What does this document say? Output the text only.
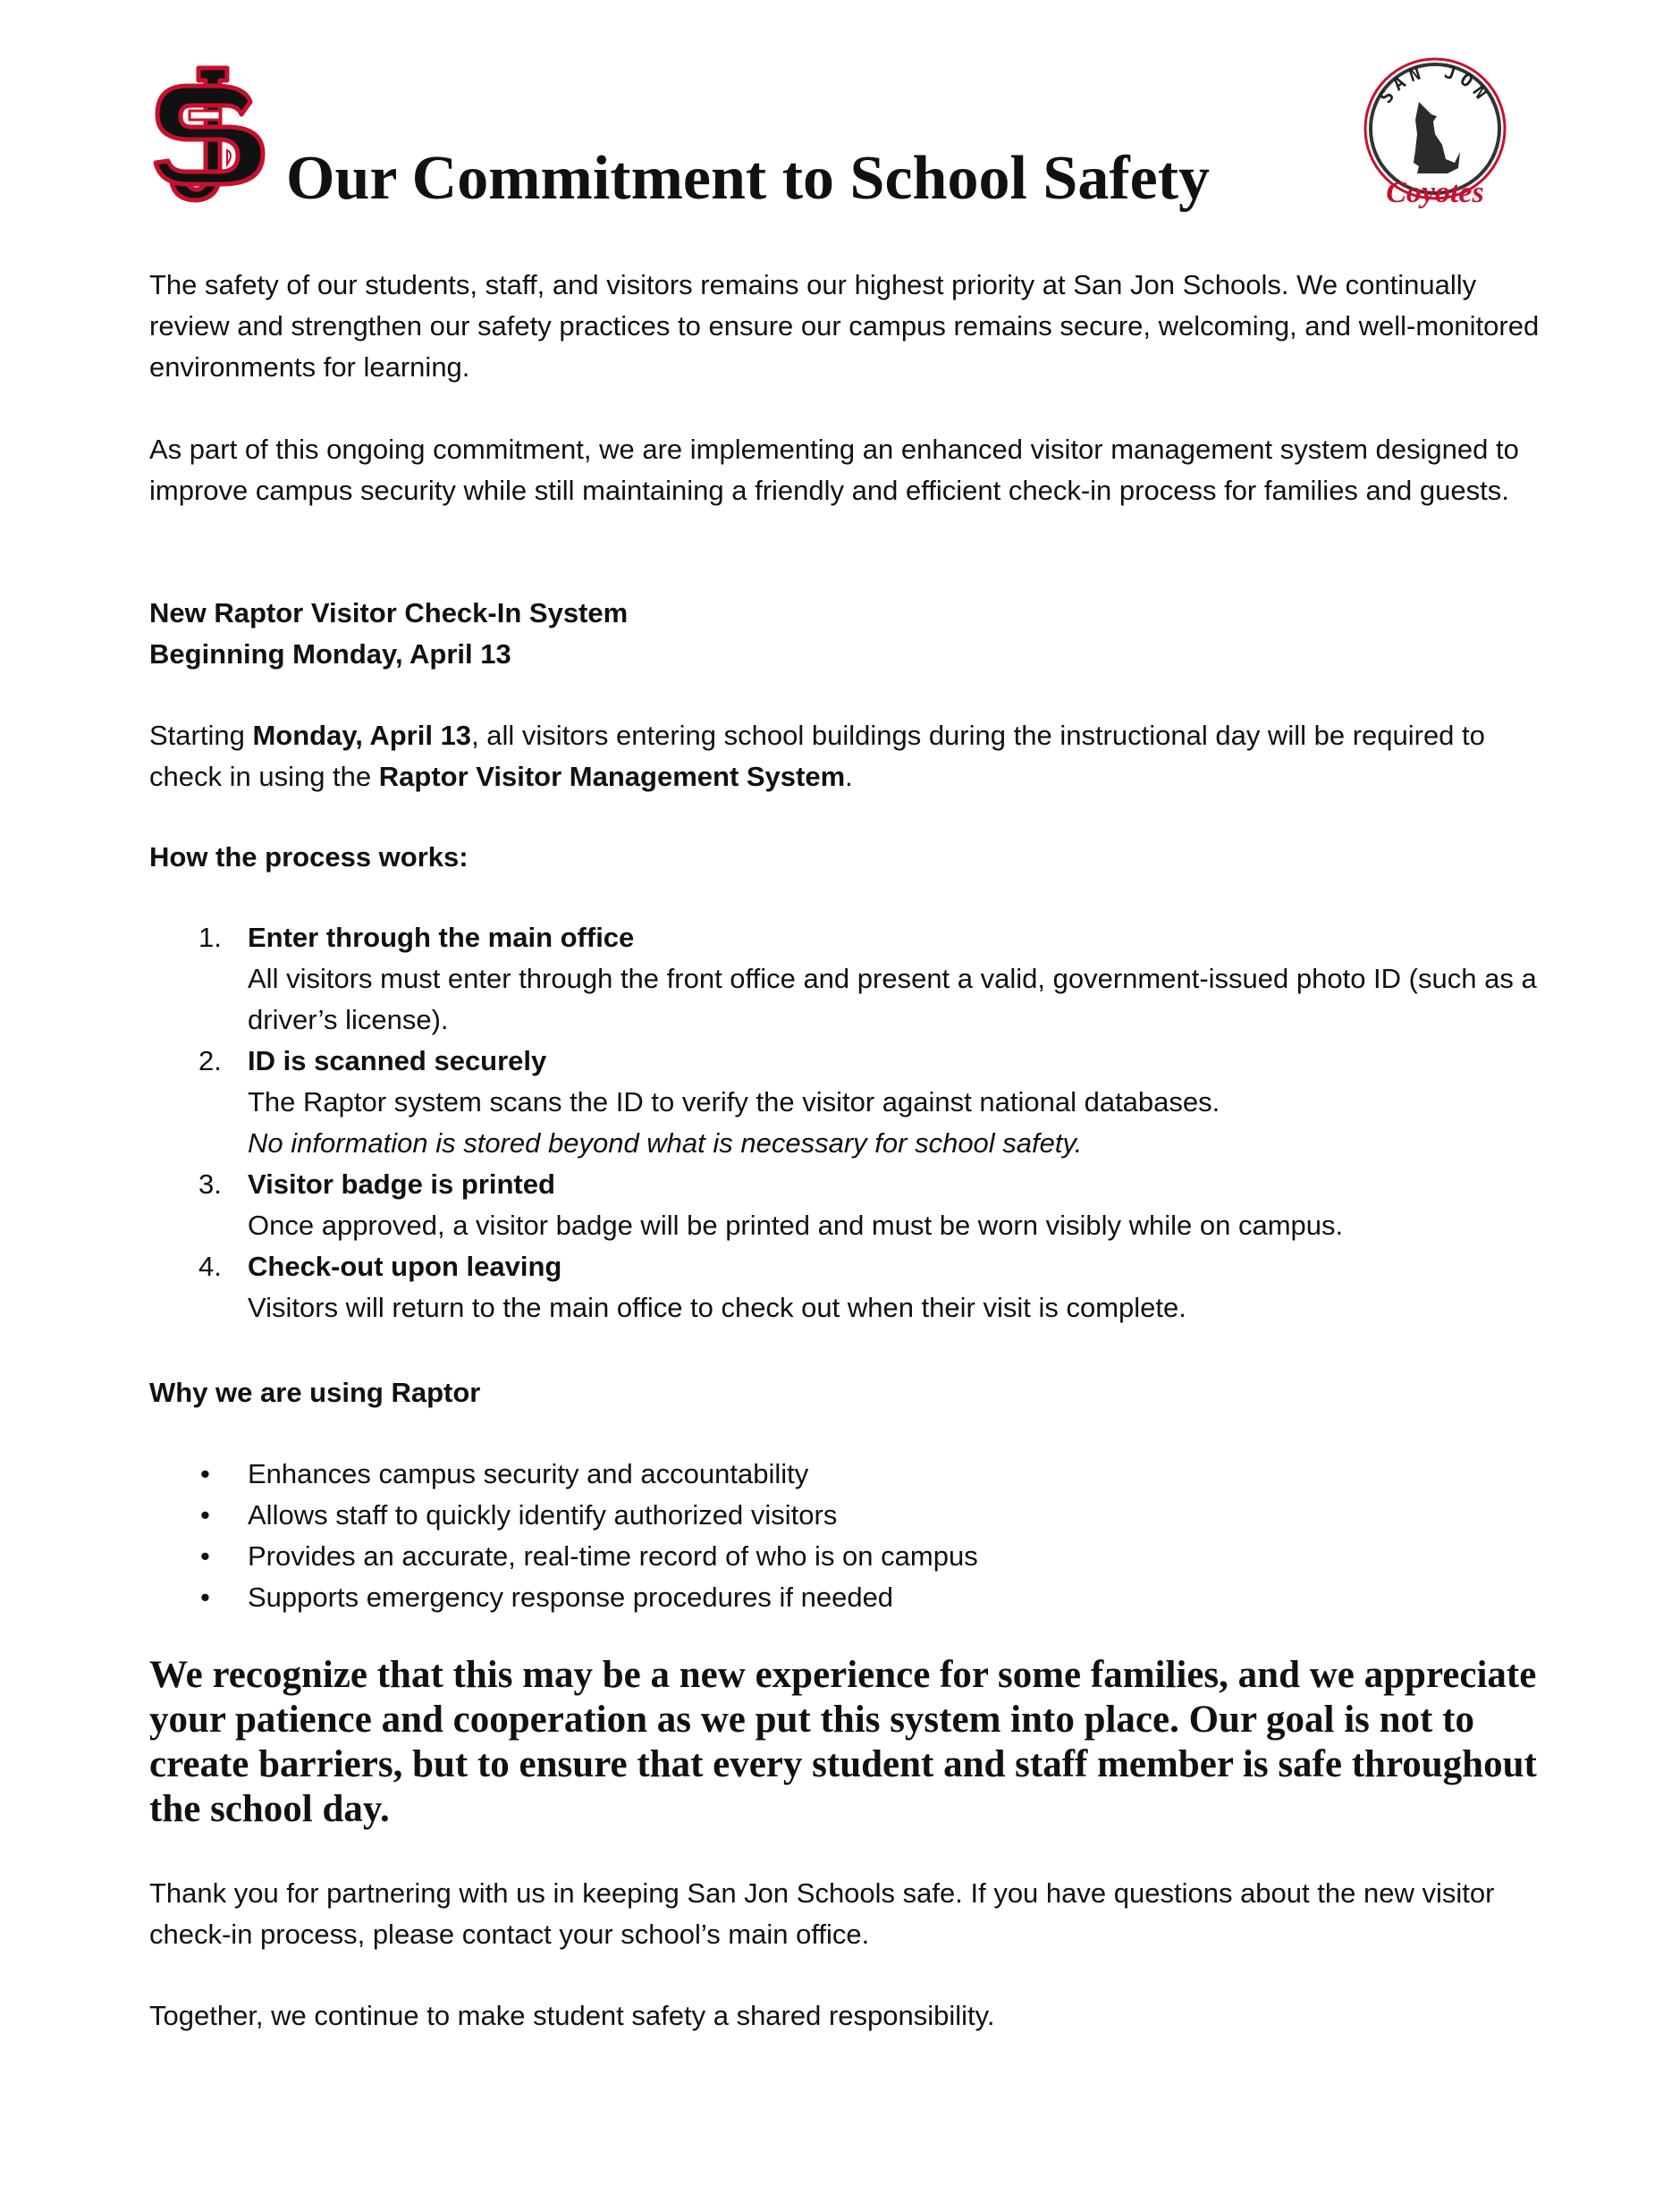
Our Commitment to School Safety
SAN JON
Coyotes

The safety of our students, staff, and visitors remains our highest priority at San Jon Schools. We continually review and strengthen our safety practices to ensure our campus remains secure, welcoming, and well-monitored environments for learning.

As part of this ongoing commitment, we are implementing an enhanced visitor management system designed to improve campus security while still maintaining a friendly and efficient check-in process for families and guests.

New Raptor Visitor Check-In System

Beginning Monday, April 13

Starting Monday, April 13, all visitors entering school buildings during the instructional day will be required to check in using the Raptor Visitor Management System.

How the process works:
1. Enter through the main office
All visitors must enter through the front office and present a valid, government-issued photo ID (such as a driver’s license).
2. ID is scanned securely
The Raptor system scans the ID to verify the visitor against national databases.
No information is stored beyond what is necessary for school safety.
3. Visitor badge is printed
Once approved, a visitor badge will be printed and must be worn visibly while on campus.
4. Check-out upon leaving
Visitors will return to the main office to check out when their visit is complete.
Why we are using Raptor
• Enhances campus security and accountability
• Allows staff to quickly identify authorized visitors
• Provides an accurate, real-time record of who is on campus
• Supports emergency response procedures if needed
We recognize that this may be a new experience for some families, and we appreciate your patience and cooperation as we put this system into place. Our goal is not to create barriers, but to ensure that every student and staff member is safe throughout the school day.
Thank you for partnering with us in keeping San Jon Schools safe. If you have questions about the new visitor check-in process, please contact your school’s main office.
Together, we continue to make student safety a shared responsibility.
